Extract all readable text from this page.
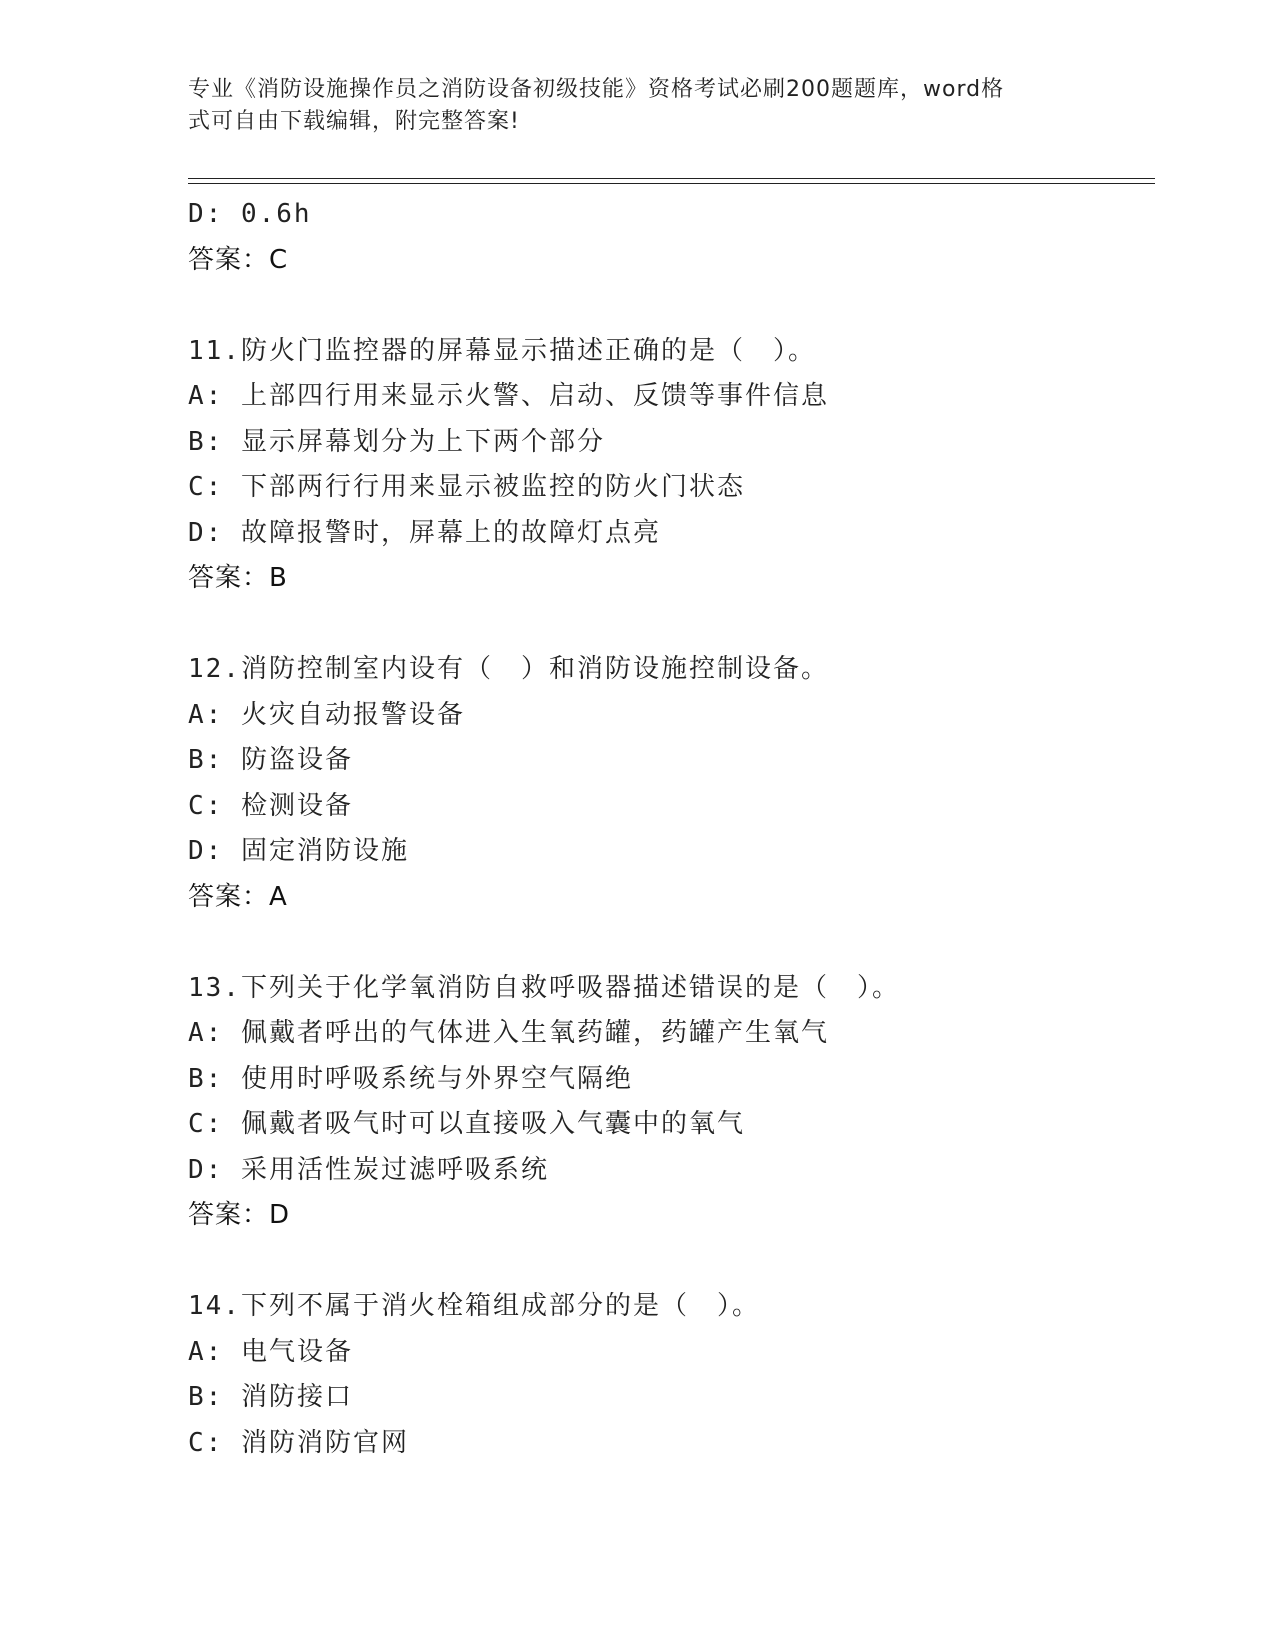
专业《消防设施操作员之消防设备初级技能》资格考试必刷200题题库，word格
式可自由下载编辑，附完整答案!
D: 0.6h
答案：C
11.防火门监控器的屏幕显示描述正确的是（　）。
A: 上部四行用来显示火警、启动、反馈等事件信息
B: 显示屏幕划分为上下两个部分
C: 下部两行行用来显示被监控的防火门状态
D: 故障报警时，屏幕上的故障灯点亮
答案：B
12.消防控制室内设有（　）和消防设施控制设备。
A: 火灾自动报警设备
B: 防盗设备
C: 检测设备
D: 固定消防设施
答案：A
13.下列关于化学氧消防自救呼吸器描述错误的是（　）。
A: 佩戴者呼出的气体进入生氧药罐，药罐产生氧气
B: 使用时呼吸系统与外界空气隔绝
C: 佩戴者吸气时可以直接吸入气囊中的氧气
D: 采用活性炭过滤呼吸系统
答案：D
14.下列不属于消火栓箱组成部分的是（　）。
A: 电气设备
B: 消防接口
C: 消防消防官网
